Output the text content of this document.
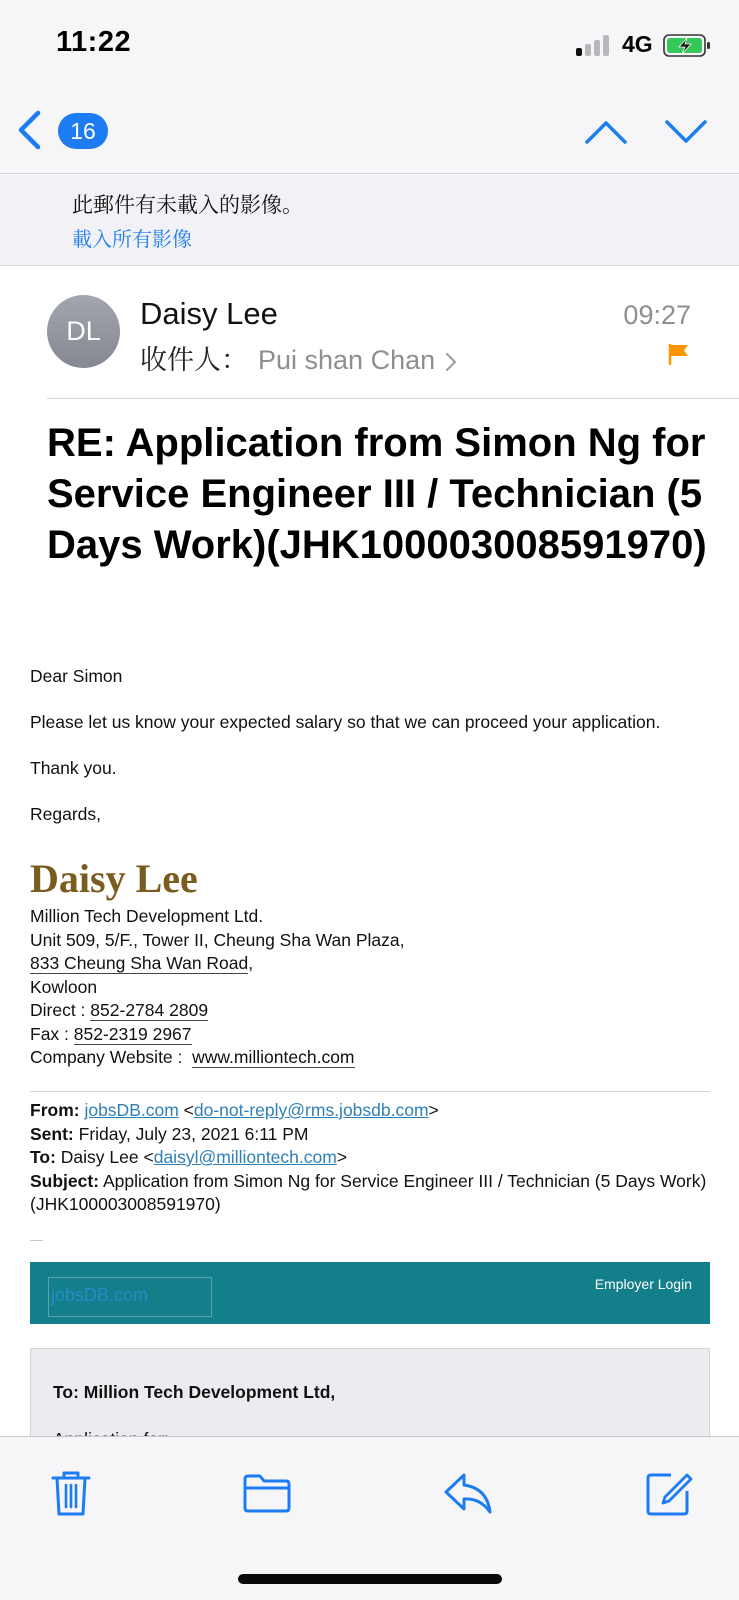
11:22	4G
16
此郵件有未載入的影像。
載入所有影像
DL	Daisy Lee
收件人： Pui shan Chan
09:27
RE: Application from Simon Ng for Service Engineer III / Technician (5 Days Work)(JHK100003008591970)

Dear Simon

Please let us know your expected salary so that we can proceed your application.

Thank you.

Regards,

Daisy Lee
Million Tech Development Ltd.
Unit 509, 5/F., Tower II, Cheung Sha Wan Plaza,
833 Cheung Sha Wan Road,
Kowloon
Direct : 852-2784 2809
Fax : 852-2319 2967
Company Website :  www.milliontech.com
From: jobsDB.com <do-not-reply@rms.jobsdb.com>
Sent: Friday, July 23, 2021 6:11 PM
To: Daisy Lee <daisyl@milliontech.com>
Subject: Application from Simon Ng for Service Engineer III / Technician (5 Days Work)(JHK100003008591970)
jobsDB.com
Employer Login
To: Million Tech Development Ltd,
